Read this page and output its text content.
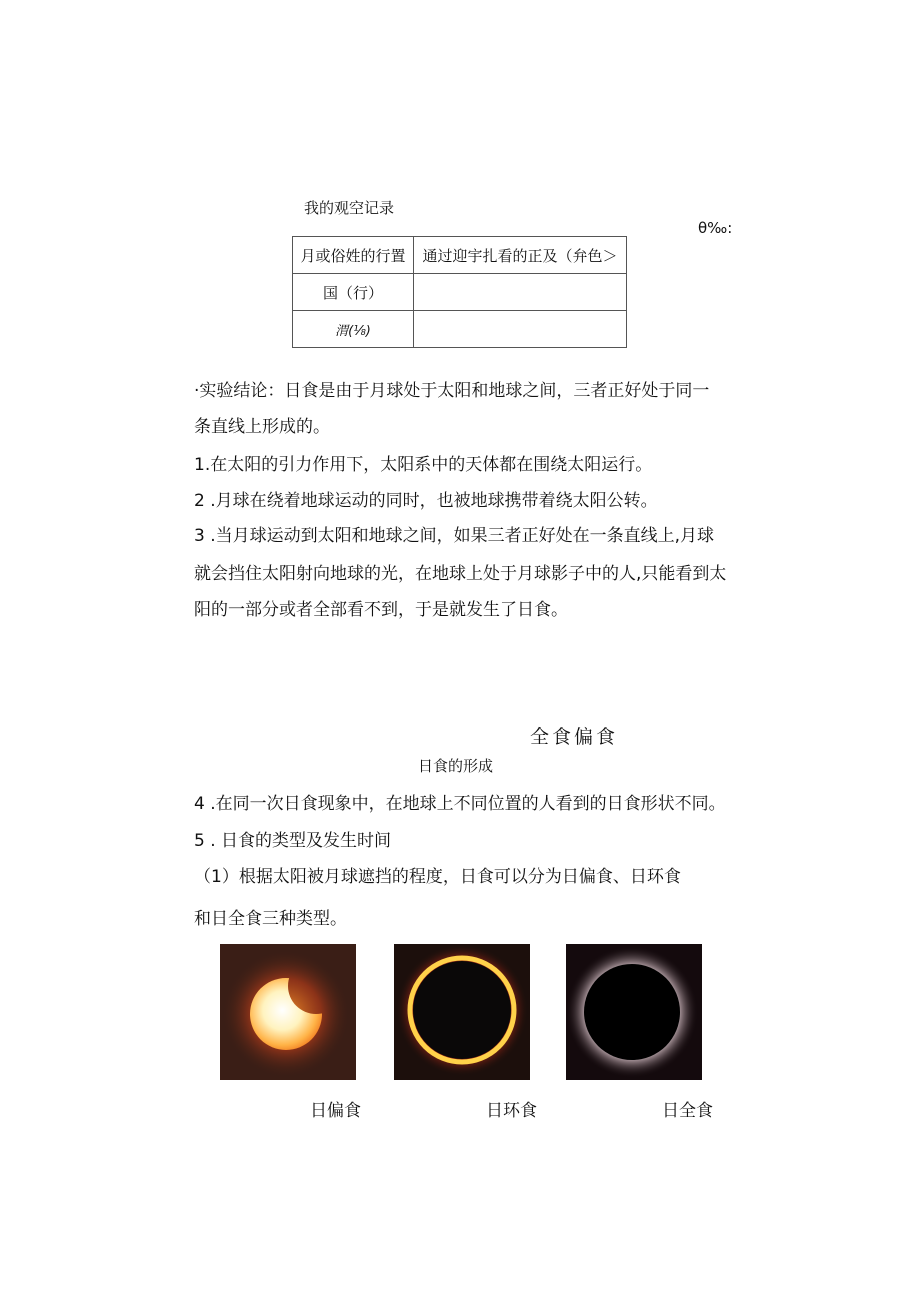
我的观空记录
θ‰:
月或俗姓的行置	通过迎宇扎看的正及（弁色＞
国（行）	
渭(⅛)	
·实验结论：日食是由于月球处于太阳和地球之间，三者正好处于同一
条直线上形成的。
1.在太阳的引力作用下，太阳系中的天体都在围绕太阳运行。
2 .月球在绕着地球运动的同时，也被地球携带着绕太阳公转。
3 .当月球运动到太阳和地球之间，如果三者正好处在一条直线上,月球
就会挡住太阳射向地球的光，在地球上处于月球影子中的人,只能看到太
阳的一部分或者全部看不到，于是就发生了日食。
全食偏食
日食的形成
4 .在同一次日食现象中，在地球上不同位置的人看到的日食形状不同。
5 . 日食的类型及发生时间
（1）根据太阳被月球遮挡的程度，日食可以分为日偏食、日环食
和日全食三种类型。
日偏食	日环食	日全食
